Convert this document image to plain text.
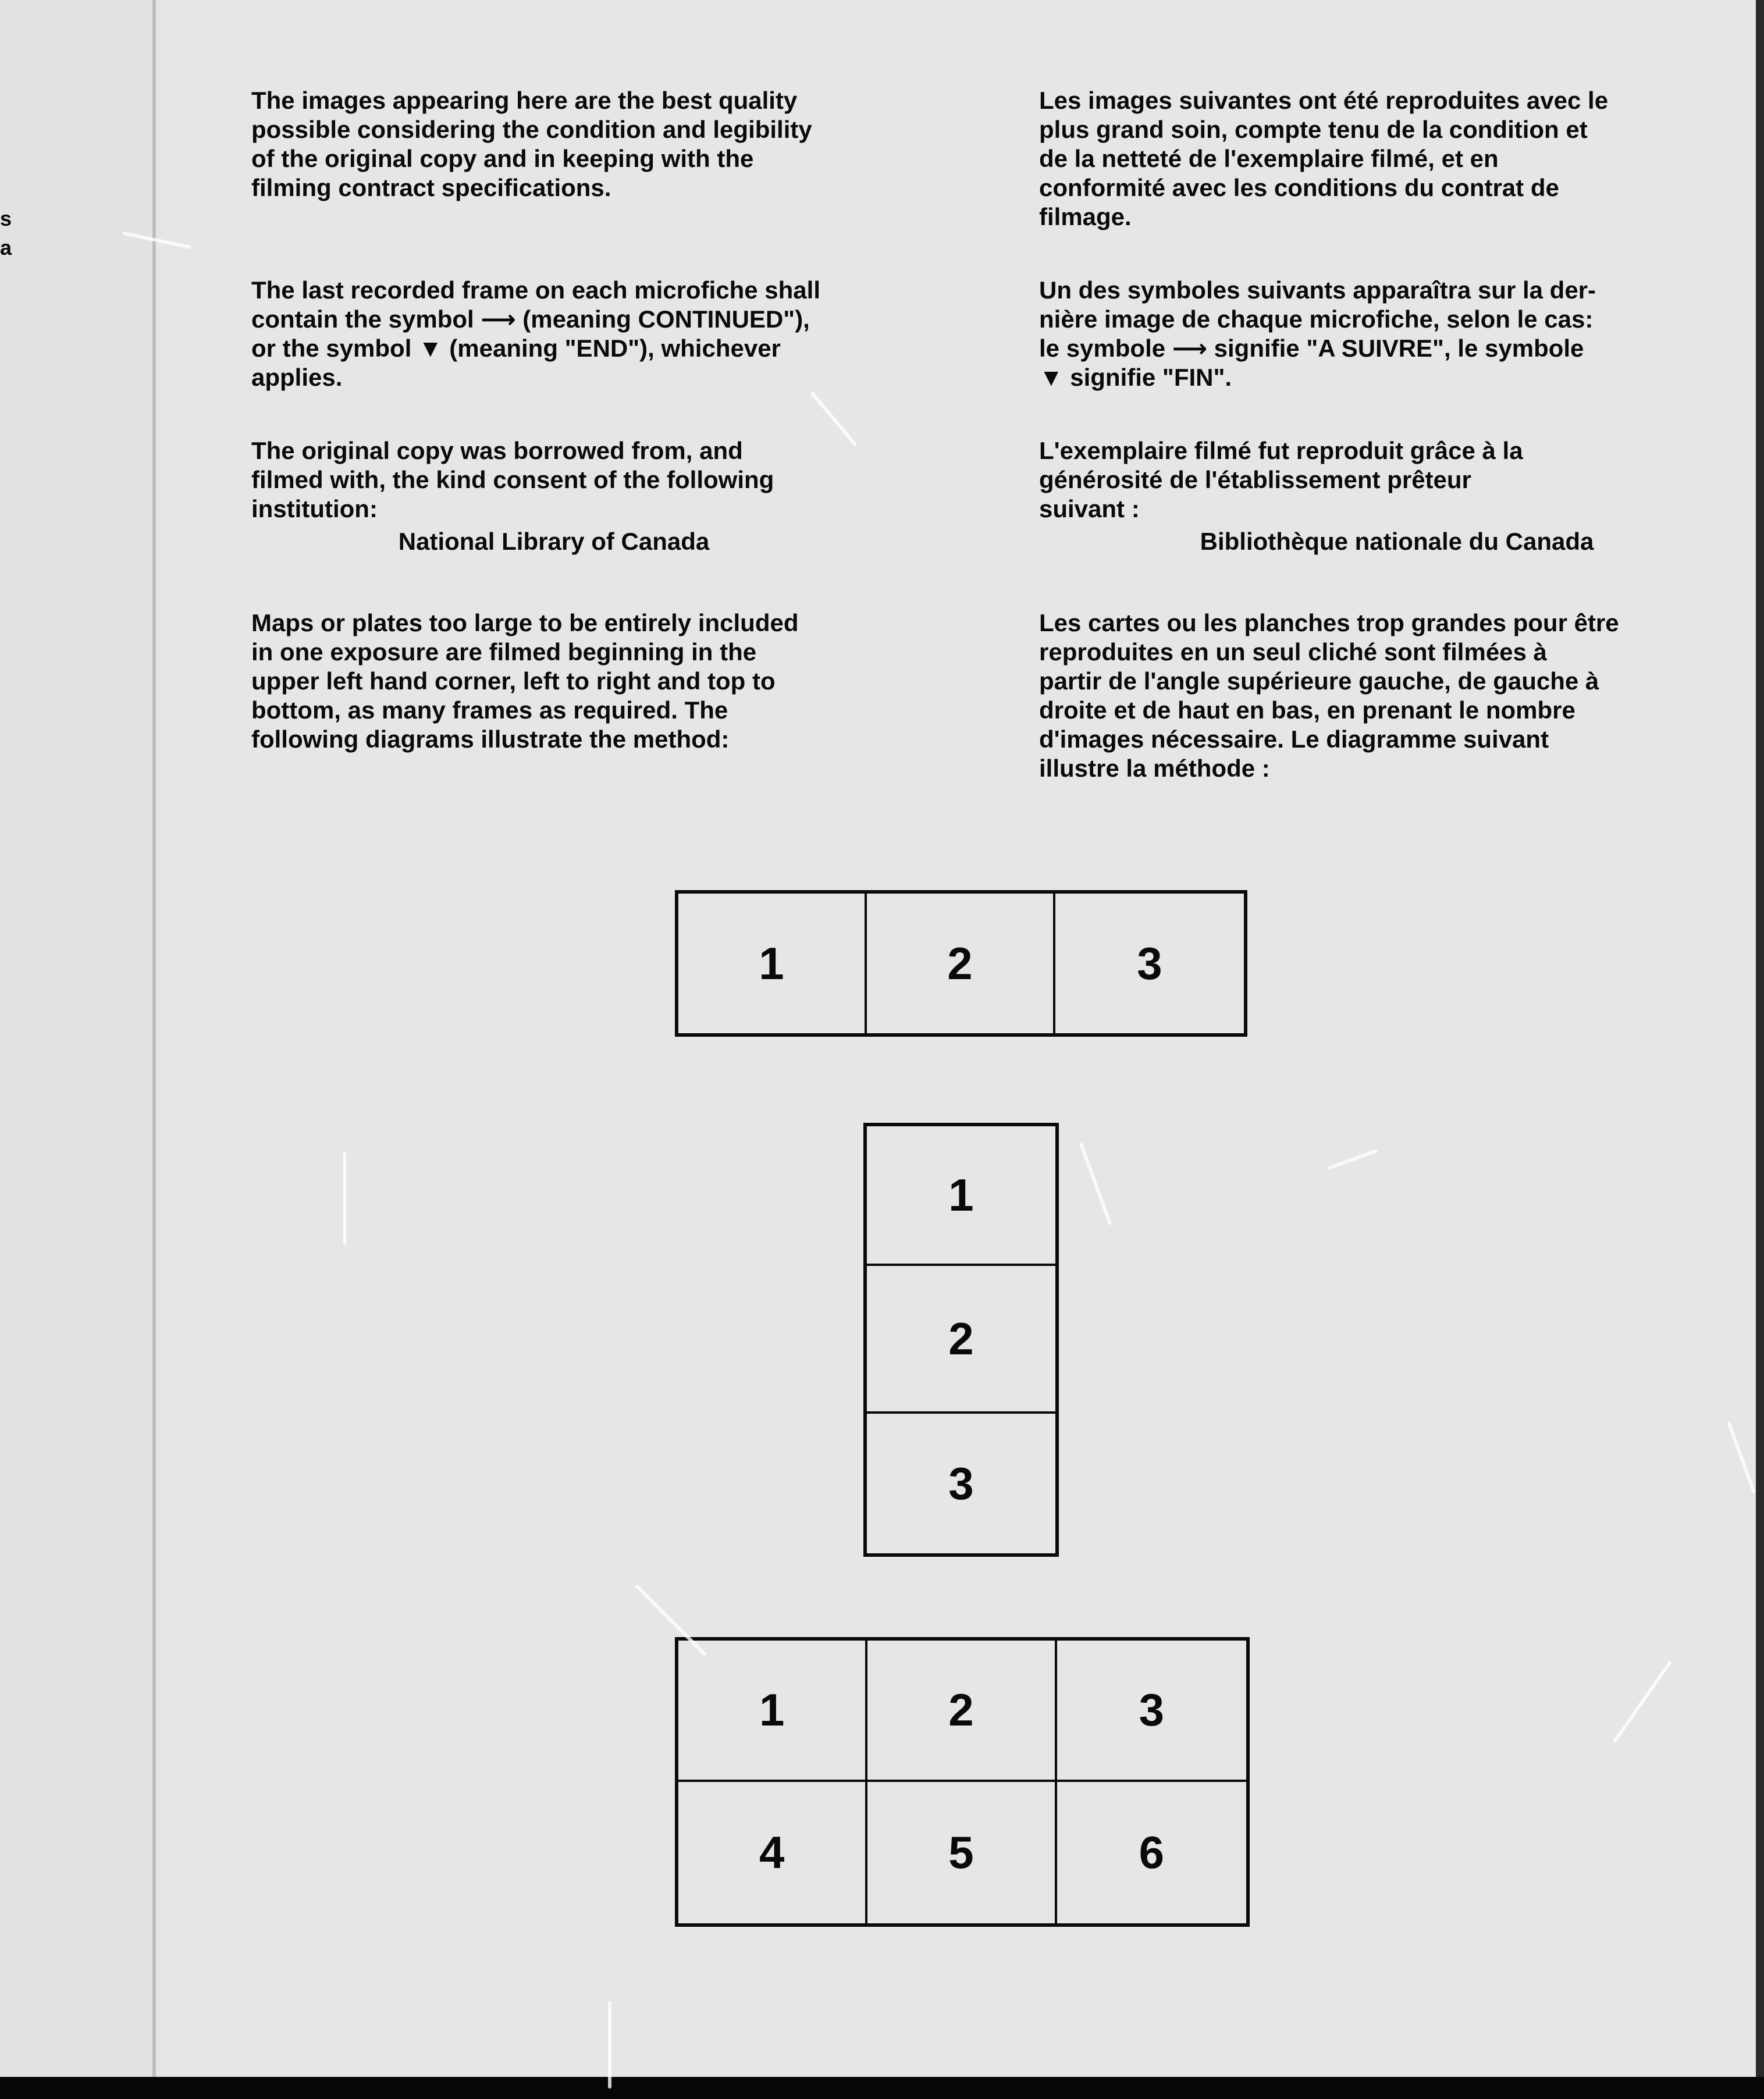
s
a

The images appearing here are the best quality
possible considering the condition and legibility
of the original copy and in keeping with the
filming contract specifications.

The last recorded frame on each microfiche shall
contain the symbol ⟶ (meaning CONTINUED"),
or the symbol ▼ (meaning "END"), whichever
applies.

The original copy was borrowed from, and
filmed with, the kind consent of the following
institution:

National Library of Canada

Maps or plates too large to be entirely included
in one exposure are filmed beginning in the
upper left hand corner, left to right and top to
bottom, as many frames as required. The
following diagrams illustrate the method:

Les images suivantes ont été reproduites avec le
plus grand soin, compte tenu de la condition et
de la netteté de l'exemplaire filmé, et en
conformité avec les conditions du contrat de
filmage.

Un des symboles suivants apparaîtra sur la der-
nière image de chaque microfiche, selon le cas:
le symbole ⟶ signifie "A SUIVRE", le symbole
▼ signifie "FIN".

L'exemplaire filmé fut reproduit grâce à la
générosité de l'établissement prêteur
suivant :

Bibliothèque nationale du Canada

Les cartes ou les planches trop grandes pour être
reproduites en un seul cliché sont filmées à
partir de l'angle supérieure gauche, de gauche à
droite et de haut en bas, en prenant le nombre
d'images nécessaire. Le diagramme suivant
illustre la méthode :

1	2	3
1
2
3
1	2	3
4	5	6
